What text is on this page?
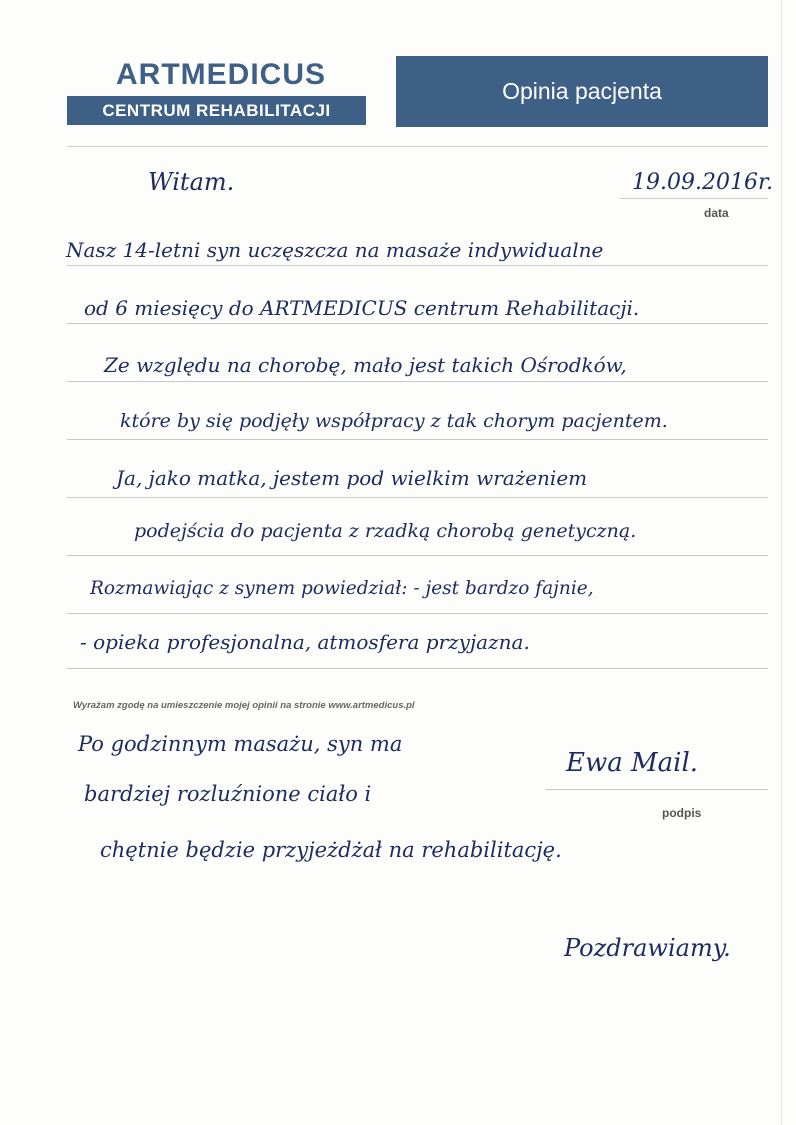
ARTMEDICUS
CENTRUM REHABILITACJI
Opinia pacjenta
Witam.	19.09.2016r.
data
Nasz 14-letni syn uczęszcza na masaże indywidualne
od 6 miesięcy do ARTMEDICUS centrum Rehabilitacji.
Ze względu na chorobę, mało jest takich Ośrodków,
które by się podjęły współpracy z tak chorym pacjentem.
Ja, jako matka, jestem pod wielkim wrażeniem
podejścia do pacjenta z rzadką chorobą genetyczną.
Rozmawiając z synem powiedział: - jest bardzo fajnie,
- opieka profesjonalna, atmosfera przyjazna.
Wyrażam zgodę na umieszczenie mojej opinii na stronie www.artmedicus.pl
Po godzinnym masażu, syn ma
bardziej rozluźnione ciało i
chętnie będzie przyjeżdżał na rehabilitację.
Ewa Mail.
podpis
Pozdrawiamy.
